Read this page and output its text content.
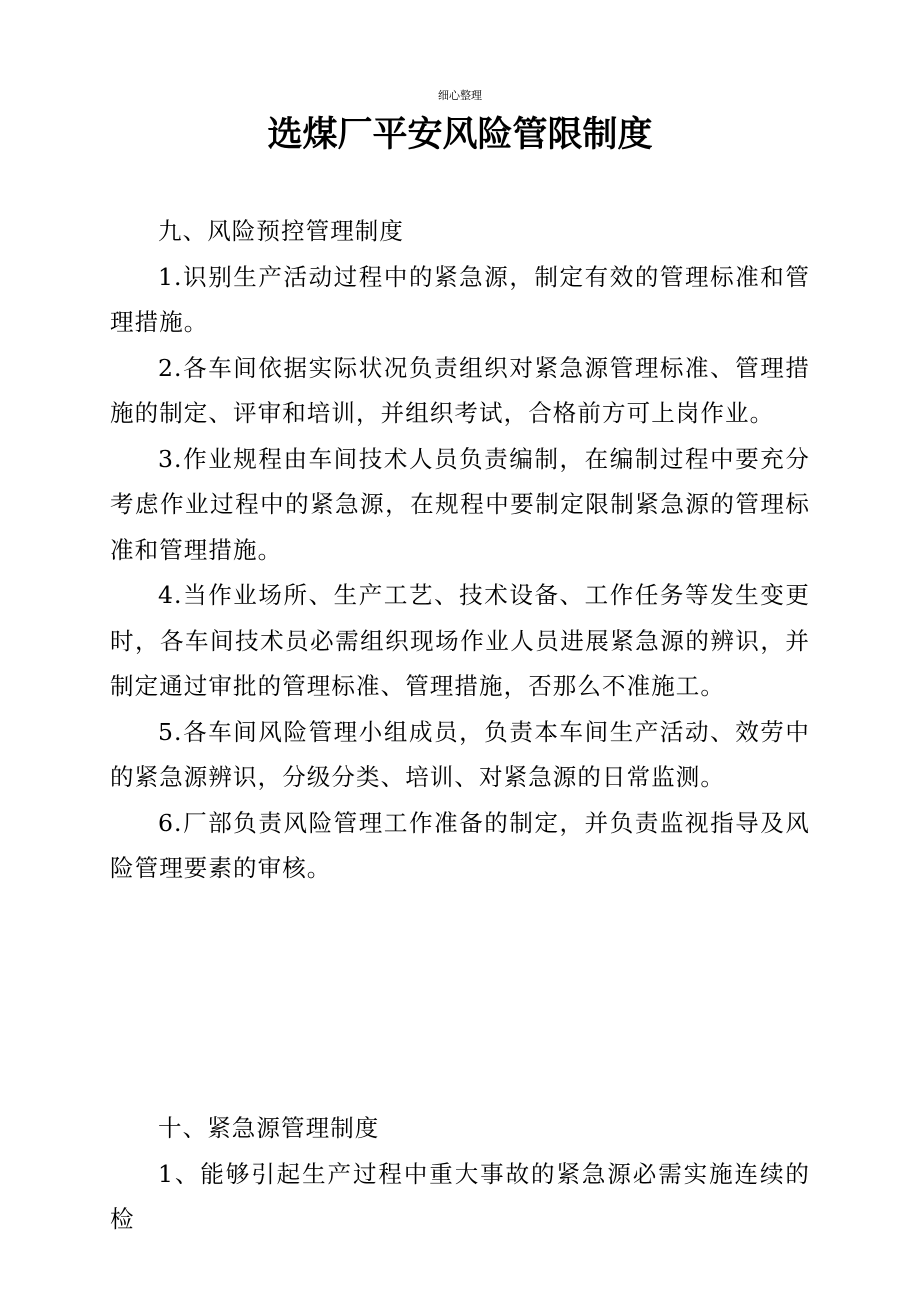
细心整理
选煤厂平安风险管限制度

九、风险预控管理制度

1.识别生产活动过程中的紧急源，制定有效的管理标准和管理措施。

2.各车间依据实际状况负责组织对紧急源管理标准、管理措施的制定、评审和培训，并组织考试，合格前方可上岗作业。

3.作业规程由车间技术人员负责编制，在编制过程中要充分考虑作业过程中的紧急源，在规程中要制定限制紧急源的管理标准和管理措施。

4.当作业场所、生产工艺、技术设备、工作任务等发生变更时，各车间技术员必需组织现场作业人员进展紧急源的辨识，并制定通过审批的管理标准、管理措施，否那么不准施工。

5.各车间风险管理小组成员，负责本车间生产活动、效劳中的紧急源辨识，分级分类、培训、对紧急源的日常监测。

6.厂部负责风险管理工作准备的制定，并负责监视指导及风险管理要素的审核。

十、紧急源管理制度

1、能够引起生产过程中重大事故的紧急源必需实施连续的检
